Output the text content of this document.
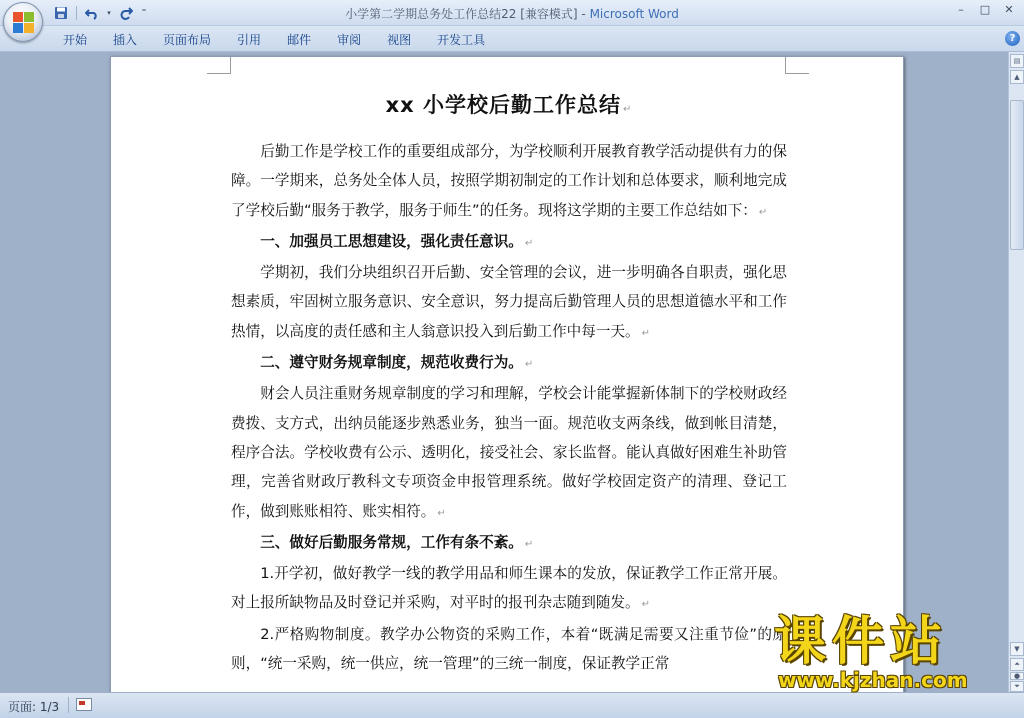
▾	⁼	小学第二学期总务处工作总结22 [兼容模式] - Microsoft Word	–	□	✕
开始	插入	页面布局	引用	邮件	审阅	视图	开发工具	?
xx 小学校后勤工作总结 ↵
后勤工作是学校工作的重要组成部分，为学校顺利开展教育教学活动提供有力的保障。一学期来，总务处全体人员，按照学期初制定的工作计划和总体要求，顺利地完成了学校后勤“服务于教学，服务于师生”的任务。现将这学期的主要工作总结如下： ↵
一、加强员工思想建设，强化责任意识。 ↵
学期初，我们分块组织召开后勤、安全管理的会议，进一步明确各自职责，强化思想素质，牢固树立服务意识、安全意识，努力提高后勤管理人员的思想道德水平和工作热情，以高度的责任感和主人翁意识投入到后勤工作中每一天。 ↵
二、遵守财务规章制度，规范收费行为。 ↵
财会人员注重财务规章制度的学习和理解，学校会计能掌握新体制下的学校财政经费拨、支方式，出纳员能逐步熟悉业务，独当一面。规范收支两条线，做到帐目清楚，程序合法。学校收费有公示、透明化，接受社会、家长监督。能认真做好困难生补助管理，完善省财政厅教科文专项资金申报管理系统。做好学校固定资产的清理、登记工作，做到账账相符、账实相符。 ↵
三、做好后勤服务常规，工作有条不紊。 ↵
1.开学初，做好教学一线的教学用品和师生课本的发放，保证教学工作正常开展。对上报所缺物品及时登记并采购，对平时的报刊杂志随到随发。 ↵
2.严格购物制度。教学办公物资的采购工作，本着“既满足需要又注重节俭”的原则，“统一采购，统一供应，统一管理”的三统一制度，保证教学正常
▤
▲
▼
⏶
●
⏷
页面: 1/3
课件站
www.kjzhan.com
